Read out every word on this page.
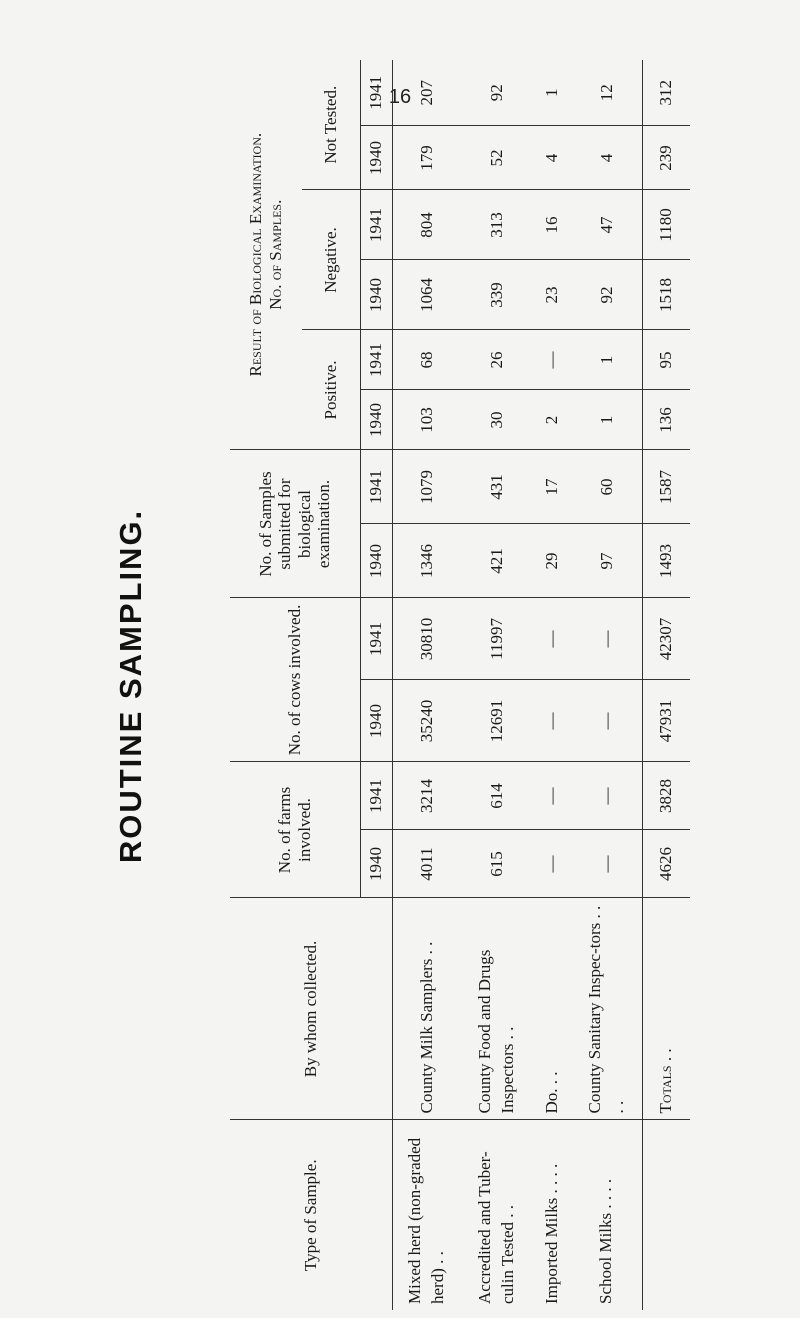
16
ROUTINE SAMPLING.
Type of Sample.	By whom collected.	No. of farms involved.		No. of cows involved.		No. of Samples submitted for biological examination.		Result of Biological Examination. No. of Samples.					

								Positive.		Negative.		Not Tested.	
		1940	1941	1940	1941	1940	1941	1940	1941	1940	1941	1940	1941
Mixed herd (non-graded herd) . .	County Milk Samplers . .	4011	3214	35240	30810	1346	1079	103	68	1064	804	179	207
Accredited and Tuber-culin Tested . .	County Food and Drugs Inspectors . .	615	614	12691	11997	421	431	30	26	339	313	52	92
Imported Milks . . . .	Do. . .	—	—	—	—	29	17	2	—	23	16	4	1
School Milks . . . .	County Sanitary Inspec-tors . . . .	—	—	—	—	97	60	1	1	92	47	4	12
	Totals . .	4626	3828	47931	42307	1493	1587	136	95	1518	1180	239	312
